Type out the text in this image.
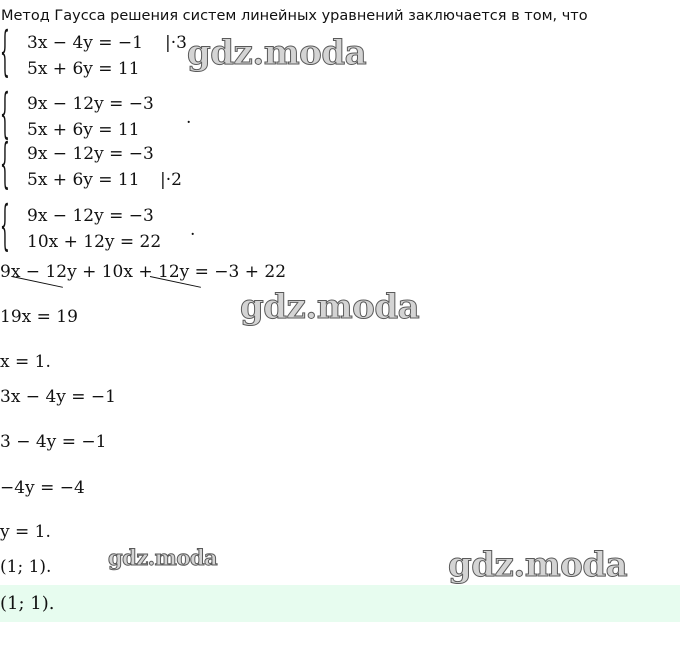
Метод Гаусса решения систем линейных уравнений заключается в том, что
{ 3x − 4y = −1 |·3
5x + 6y = 11
{ 9x − 12y = −3
5x + 6y = 11
.
{ 9x − 12y = −3
5x + 6y = 11 |·2
{ 9x − 12y = −3
10x + 12y = 22
.
9x − 12y + 10x + 12y = −3 + 22
19x = 19
x = 1.
3x − 4y = −1
3 − 4y = −1
−4y = −4
y = 1.
(1; 1).
(1; 1).
gdz.moda
gdz.moda
gdz.moda	gdz.moda
